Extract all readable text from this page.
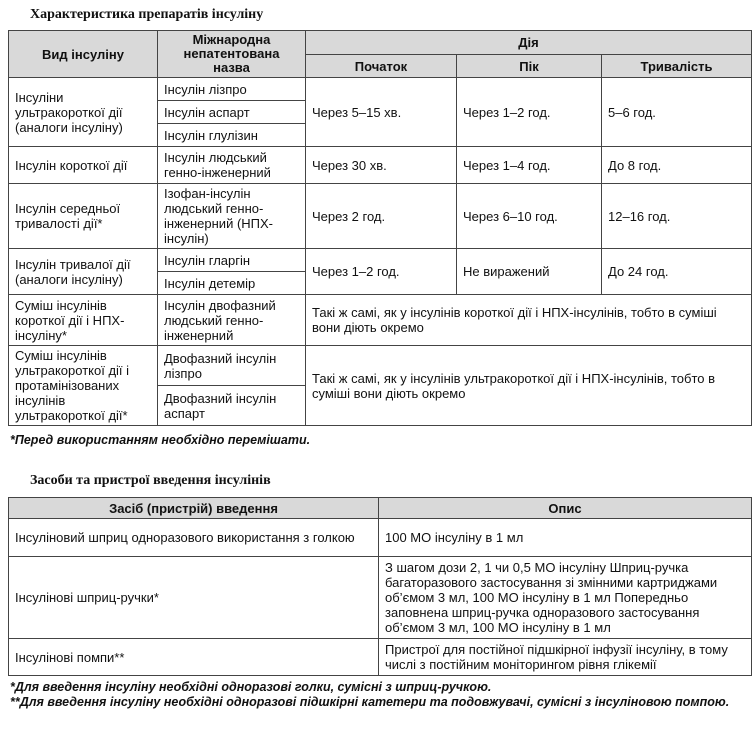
Характеристика препаратів інсуліну
Вид інсуліну	Міжнародна непатентована назва	Дія		
		Початок	Пік	Тривалість
Інсуліни ультракороткої дії (аналоги інсуліну)	Інсулін лізпро	Через 5–15 хв.	Через 1–2 год.	5–6 год.
	Інсулін аспарт			
	Інсулін глулізин			
Інсулін короткої дії	Інсулін людський генно-інженерний	Через 30 хв.	Через 1–4 год.	До 8 год.
Інсулін середньої тривалості дії*	Ізофан-інсулін людський генно-інженерний (НПХ-інсулін)	Через 2 год.	Через 6–10 год.	12–16 год.
Інсулін тривалої дії (аналоги інсуліну)	Інсулін гларгін	Через 1–2 год.	Не виражений	До 24 год.
	Інсулін детемір			
Суміш інсулінів короткої дії і НПХ-інсуліну*	Інсулін двофазний людський генно-інженерний	Такі ж самі, як у інсулінів короткої дії і НПХ-інсулінів, тобто в суміші вони діють окремо		
Суміш інсулінів ультракороткої дії і протамінізованих інсулінів ультракороткої дії*	Двофазний інсулін лізпро	Такі ж самі, як у інсулінів ультракороткої дії і НПХ-інсулінів, тобто в суміші вони діють окремо		
	Двофазний інсулін аспарт			
*Перед використанням необхідно перемішати.
Засоби та пристрої введення інсулінів
Засіб (пристрій) введення	Опис
Інсуліновий шприц одноразового використання з голкою	100 МО інсуліну в 1 мл
Інсулінові шприц-ручки*	З шагом дози 2, 1 чи 0,5 МО інсуліну Шприц-ручка багаторазового застосування зі змінними картриджами об’ємом 3 мл, 100 МО інсуліну в 1 мл Попередньо заповнена шприц-ручка одноразового застосування об’ємом 3 мл, 100 МО інсуліну в 1 мл
Інсулінові помпи**	Пристрої для постійної підшкірної інфузії інсуліну, в тому числі з постійним моніторингом рівня глікемії
*Для введення інсуліну необхідні одноразові голки, сумісні з шприц-ручкою.
**Для введення інсуліну необхідні одноразові підшкірні катетери та подовжувачі, сумісні з інсуліновою помпою.
